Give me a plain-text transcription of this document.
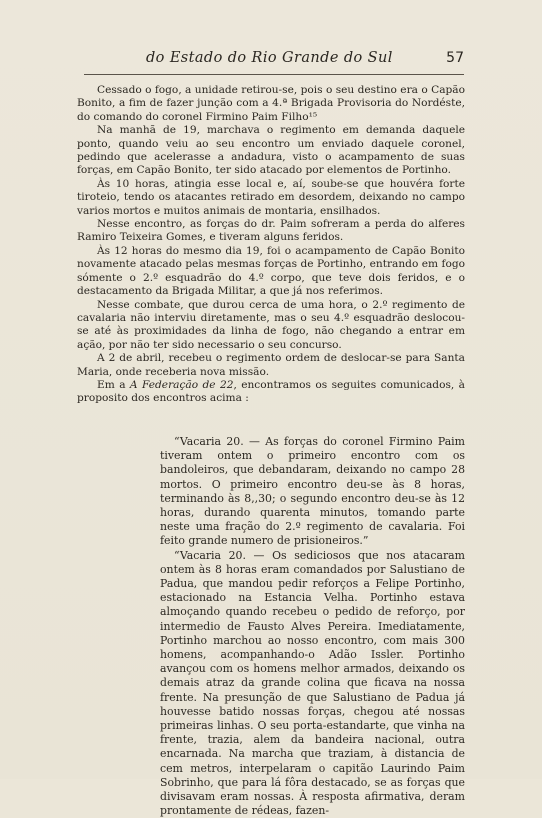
do Estado do Rio Grande do Sul	57

Cessado o fogo, a unidade retirou-se, pois o seu destino era o Capão Bonito, a fim de fazer junção com a 4.ª Brigada Provisoria do Nordéste, do comando do coronel Firmino Paim Filho¹⁵

Na manhã de 19, marchava o regimento em demanda daquele ponto, quando veiu ao seu encontro um enviado daquele coronel, pedindo que acelerasse a andadura, visto o acampamento de suas forças, em Capão Bonito, ter sido atacado por elementos de Portinho.

Às 10 horas, atingia esse local e, aí, soube-se que houvéra forte tiroteio, tendo os atacantes retirado em desordem, deixando no campo varios mortos e muitos animais de montaria, ensilhados.

Nesse encontro, as forças do dr. Paim sofreram a perda do alferes Ramiro Teixeira Gomes, e tiveram alguns feridos.

Às 12 horas do mesmo dia 19, foi o acampamento de Capão Bonito novamente atacado pelas mesmas forças de Portinho, entrando em fogo sómente o 2.º esquadrão do 4.º corpo, que teve dois feridos, e o destacamento da Brigada Militar, a que já nos referimos.

Nesse combate, que durou cerca de uma hora, o 2.º regimento de cavalaria não interviu diretamente, mas o seu 4.º esquadrão deslocou-se até às proximidades da linha de fogo, não chegando a entrar em ação, por não ter sido necessario o seu concurso.

A 2 de abril, recebeu o regimento ordem de deslocar-se para Santa Maria, onde receberia nova missão.

Em a A Federação de 22, encontramos os seguites comunicados, à proposito dos encontros acima :

“Vacaria 20. — As forças do coronel Firmino Paim tiveram ontem o primeiro encontro com os bandoleiros, que debandaram, deixando no campo 28 mortos. O primeiro encontro deu-se às 8 horas, terminando às 8,,30; o segundo encontro deu-se às 12 horas, durando quarenta minutos, tomando parte neste uma fração do 2.º regimento de cavalaria. Foi feito grande numero de prisioneiros.”

“Vacaria 20. — Os sediciosos que nos atacaram ontem às 8 horas eram comandados por Salustiano de Padua, que mandou pedir reforços a Felipe Portinho, estacionado na Estancia Velha. Portinho estava almoçando quando recebeu o pedido de reforço, por intermedio de Fausto Alves Pereira. Imediatamente, Portinho marchou ao nosso encontro, com mais 300 homens, acompanhando-o Adão Issler. Portinho avançou com os homens melhor armados, deixando os demais atraz da grande colina que ficava na nossa frente. Na presunção de que Salustiano de Padua já houvesse batido nossas forças, chegou até nossas primeiras linhas. O seu porta-estandarte, que vinha na frente, trazia, alem da bandeira nacional, outra encarnada. Na marcha que traziam, à distancia de cem metros, interpelaram o capitão Laurindo Paim Sobrinho, que para lá fôra destacado, se as forças que divisavam eram nossas. À resposta afirmativa, deram prontamente de rédeas, fazen-
